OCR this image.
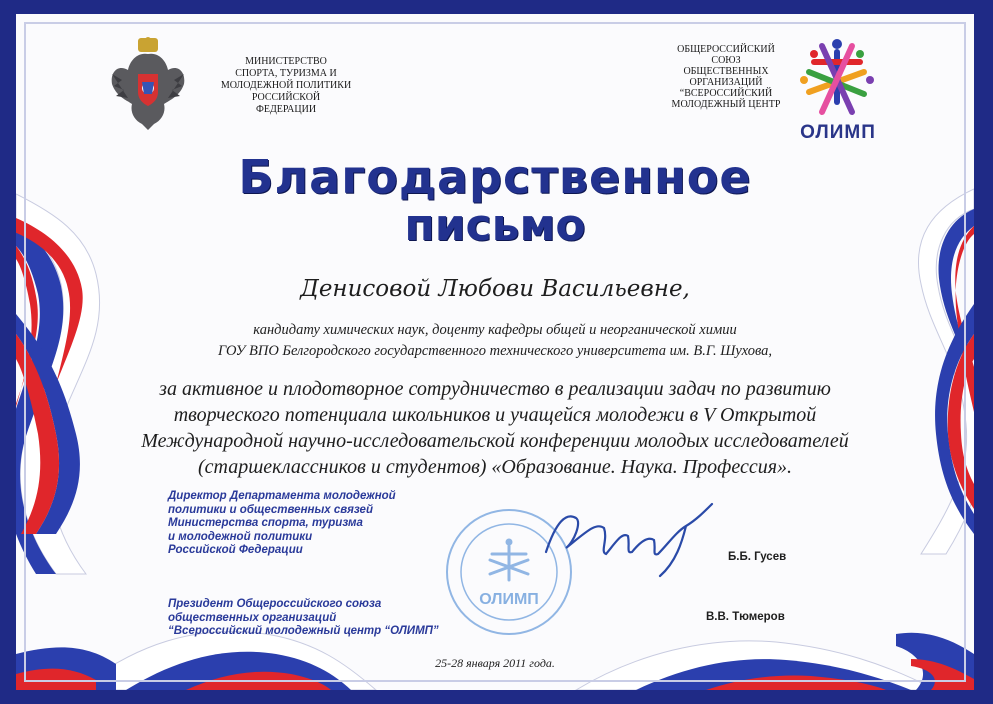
МИНИСТЕРСТВО
СПОРТА, ТУРИЗМА И
МОЛОДЕЖНОЙ ПОЛИТИКИ
РОССИЙСКОЙ
ФЕДЕРАЦИИ
ОБЩЕРОССИЙСКИЙ
СОЮЗ
ОБЩЕСТВЕННЫХ
ОРГАНИЗАЦИЙ
“ВСЕРОССИЙСКИЙ
МОЛОДЕЖНЫЙ ЦЕНТР
ОЛИМП
Благодарственное
письмо
Денисовой Любови Васильевне,
кандидату химических наук, доценту кафедры общей и неорганической химии
ГОУ ВПО Белгородского государственного технического университета им. В.Г. Шухова,
за активное и плодотворное сотрудничество в реализации задач по развитию
творческого потенциала школьников и учащейся молодежи в V Открытой
Международной научно-исследовательской конференции молодых исследователей
(старшеклассников и студентов) «Образование. Наука. Профессия».
ОЛИМП
Директор Департамента молодежной
политики и общественных связей
Министерства спорта, туризма
и молодежной политики
Российской Федерации
Б.Б. Гусев
Президент Общероссийского союза
общественных организаций
“Всероссийский молодежный центр “ОЛИМП”
В.В. Тюмеров
25-28 января 2011 года.
